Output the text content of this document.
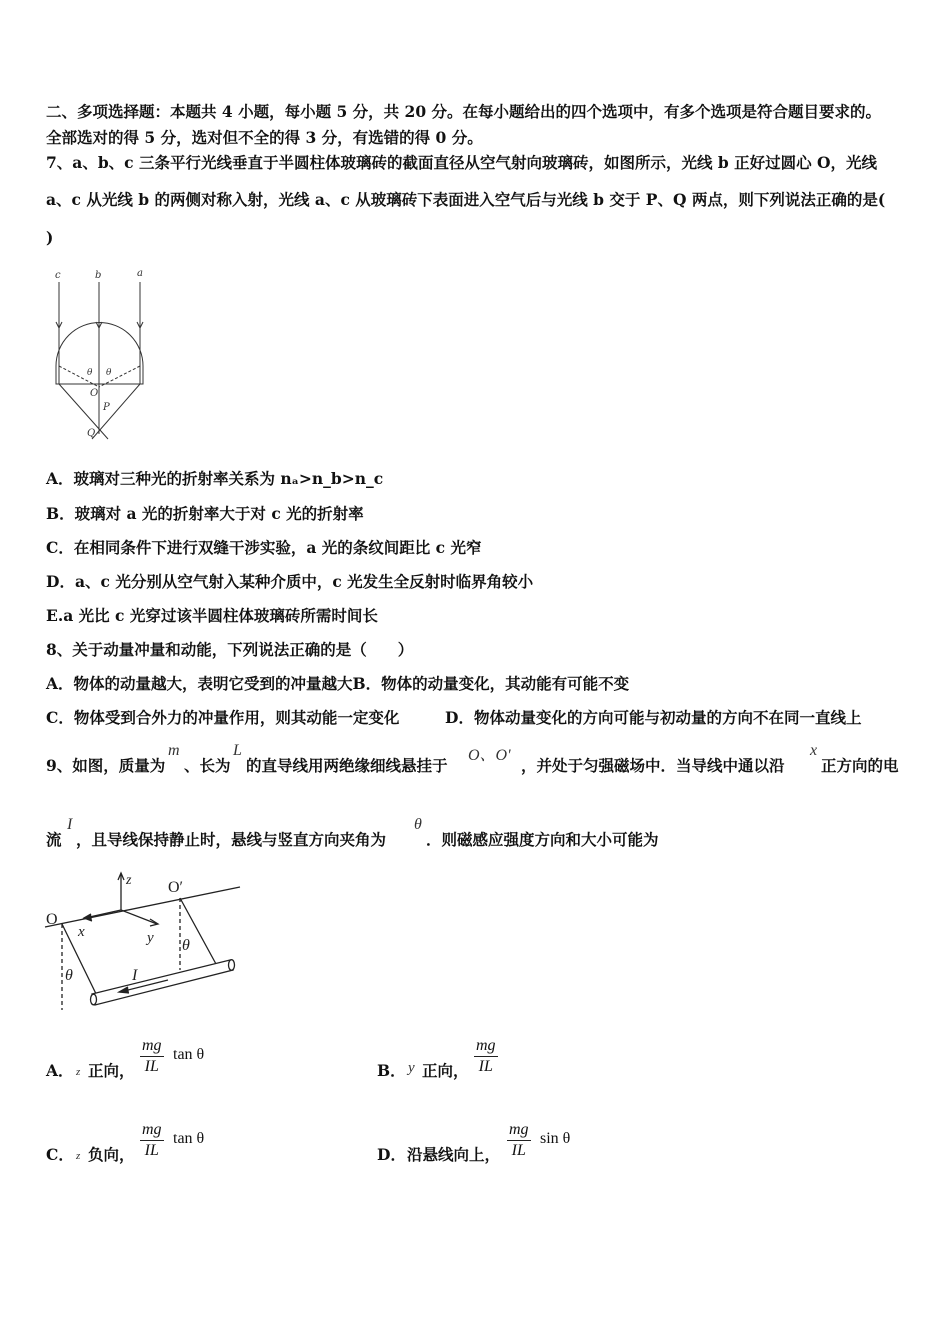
二、多项选择题：本题共 4 小题，每小题 5 分，共 20 分。在每小题给出的四个选项中，有多个选项是符合题目要求的。
全部选对的得 5 分，选对但不全的得 3 分，有选错的得 0 分。
7、a、b、c 三条平行光线垂直于半圆柱体玻璃砖的截面直径从空气射向玻璃砖，如图所示，光线 b 正好过圆心 O，光线
a、c 从光线 b 的两侧对称入射，光线 a、c 从玻璃砖下表面进入空气后与光线 b 交于 P、Q 两点，则下列说法正确的是(
)
c	b	a
θ θ
O
P
Q
A．玻璃对三种光的折射率关系为 nₐ>n_b>n_c
B．玻璃对 a 光的折射率大于对 c 光的折射率
C．在相同条件下进行双缝干涉实验，a 光的条纹间距比 c 光窄
D．a、c 光分别从空气射入某种介质中，c 光发生全反射时临界角较小
E.a 光比 c 光穿过该半圆柱体玻璃砖所需时间长
8、关于动量冲量和动能，下列说法正确的是（　　）
A．物体的动量越大，表明它受到的冲量越大B．物体的动量变化，其动能有可能不变
C．物体受到合外力的冲量作用，则其动能一定变化	D．物体动量变化的方向可能与初动量的方向不在同一直线上
9、如图，质量为
m
、长为
L
的直导线用两绝缘细线悬挂于
O、O'
，并处于匀强磁场中．当导线中通以沿
x
正方向的电
流
I
，且导线保持静止时，悬线与竖直方向夹角为
θ
．则磁感应强度方向和大小可能为
O
O′
z
x	y
θ
θ
I
A． z 正向， $\frac{mg}{IL}$ tan θ
B． y 正向， $\frac{mg}{IL}$
C． z 负向， $\frac{mg}{IL}$ tan θ
D． 沿悬线向上， $\frac{mg}{IL}$ sin θ
